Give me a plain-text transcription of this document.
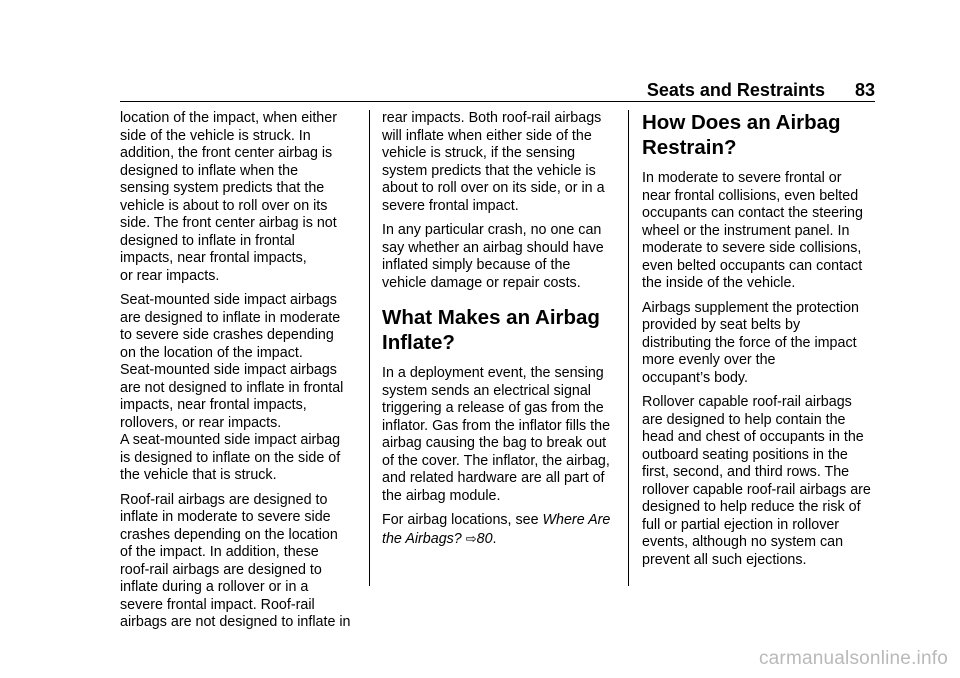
Seats and Restraints 83

location of the impact, when either
side of the vehicle is struck. In
addition, the front center airbag is
designed to inflate when the
sensing system predicts that the
vehicle is about to roll over on its
side. The front center airbag is not
designed to inflate in frontal
impacts, near frontal impacts,
or rear impacts.

Seat-mounted side impact airbags
are designed to inflate in moderate
to severe side crashes depending
on the location of the impact.
Seat-mounted side impact airbags
are not designed to inflate in frontal
impacts, near frontal impacts,
rollovers, or rear impacts.
A seat-mounted side impact airbag
is designed to inflate on the side of
the vehicle that is struck.

Roof-rail airbags are designed to
inflate in moderate to severe side
crashes depending on the location
of the impact. In addition, these
roof-rail airbags are designed to
inflate during a rollover or in a
severe frontal impact. Roof-rail
airbags are not designed to inflate in

rear impacts. Both roof-rail airbags
will inflate when either side of the
vehicle is struck, if the sensing
system predicts that the vehicle is
about to roll over on its side, or in a
severe frontal impact.

In any particular crash, no one can
say whether an airbag should have
inflated simply because of the
vehicle damage or repair costs.

What Makes an Airbag
Inflate?

In a deployment event, the sensing
system sends an electrical signal
triggering a release of gas from the
inflator. Gas from the inflator fills the
airbag causing the bag to break out
of the cover. The inflator, the airbag,
and related hardware are all part of
the airbag module.

For airbag locations, see Where Are
the Airbags? ⇨80.

How Does an Airbag
Restrain?

In moderate to severe frontal or
near frontal collisions, even belted
occupants can contact the steering
wheel or the instrument panel. In
moderate to severe side collisions,
even belted occupants can contact
the inside of the vehicle.

Airbags supplement the protection
provided by seat belts by
distributing the force of the impact
more evenly over the
occupant’s body.

Rollover capable roof-rail airbags
are designed to help contain the
head and chest of occupants in the
outboard seating positions in the
first, second, and third rows. The
rollover capable roof-rail airbags are
designed to help reduce the risk of
full or partial ejection in rollover
events, although no system can
prevent all such ejections.

carmanualsonline.info
